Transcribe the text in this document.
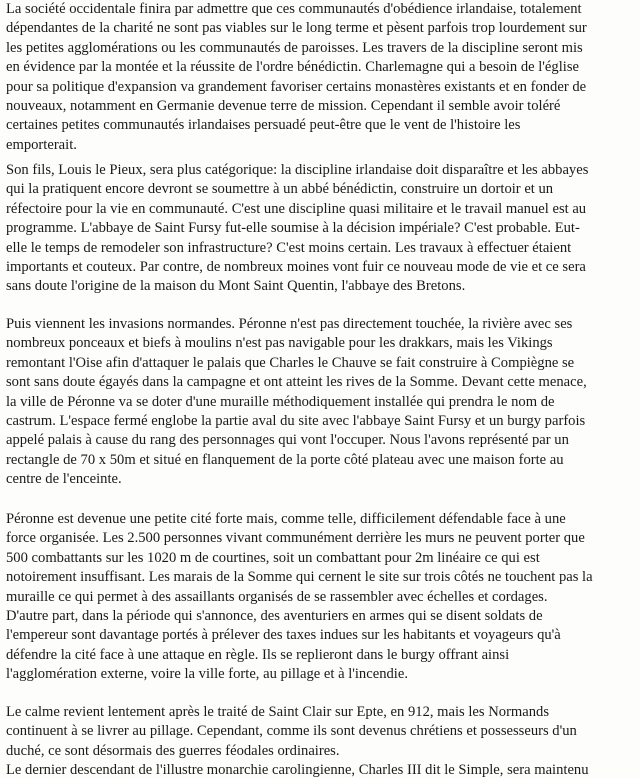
La société occidentale finira par admettre que ces communautés d'obédience irlandaise, totalement
dépendantes de la charité ne sont pas viables sur le long terme et pèsent parfois trop lourdement sur
les petites agglomérations ou les communautés de paroisses. Les travers de la discipline seront mis
en évidence par la montée et la réussite de l'ordre bénédictin. Charlemagne qui a besoin de l'église
pour sa politique d'expansion va grandement favoriser certains monastères existants et en fonder de
nouveaux, notamment en Germanie devenue terre de mission. Cependant il semble avoir toléré
certaines petites communautés irlandaises persuadé peut-être que le vent de l'histoire les
emporterait.
Son fils, Louis le Pieux, sera plus catégorique: la discipline irlandaise doit disparaître et les abbayes
qui la pratiquent encore devront se soumettre à un abbé bénédictin, construire un dortoir et un
réfectoire pour la vie en communauté. C'est une discipline quasi militaire et le travail manuel est au
programme. L'abbaye de Saint Fursy fut-elle soumise à la décision impériale? C'est probable. Eut-
elle le temps de remodeler son infrastructure? C'est moins certain. Les travaux à effectuer étaient
importants et couteux. Par contre, de nombreux moines vont fuir ce nouveau mode de vie et ce sera
sans doute l'origine de la maison du Mont Saint Quentin, l'abbaye des Bretons.
Puis viennent les invasions normandes. Péronne n'est pas directement touchée, la rivière avec ses
nombreux ponceaux et biefs à moulins n'est pas navigable pour les drakkars, mais les Vikings
remontant l'Oise afin d'attaquer le palais que Charles le Chauve se fait construire à Compiègne se
sont sans doute égayés dans la campagne et ont atteint les rives de la Somme. Devant cette menace,
la ville de Péronne va se doter d'une muraille méthodiquement installée qui prendra le nom de
castrum. L'espace fermé englobe la partie aval du site avec l'abbaye Saint Fursy et un burgy parfois
appelé palais à cause du rang des personnages qui vont l'occuper. Nous l'avons représenté par un
rectangle de 70 x 50m et situé en flanquement de la porte côté plateau avec une maison forte au
centre de l'enceinte.
Péronne est devenue une petite cité forte mais, comme telle, difficilement défendable face à une
force organisée. Les 2.500 personnes vivant communément derrière les murs ne peuvent porter que
500 combattants sur les 1020 m de courtines, soit un combattant pour 2m linéaire ce qui est
notoirement insuffisant. Les marais de la Somme qui cernent le site sur trois côtés ne touchent pas la
muraille ce qui permet à des assaillants organisés de se rassembler avec échelles et cordages.
D'autre part, dans la période qui s'annonce, des aventuriers en armes qui se disent soldats de
l'empereur sont davantage portés à prélever des taxes indues sur les habitants et voyageurs qu'à
défendre la cité face à une attaque en règle. Ils se replieront dans le burgy offrant ainsi
l'agglomération externe, voire la ville forte, au pillage et à l'incendie.
Le calme revient lentement après le traité de Saint Clair sur Epte, en 912, mais les Normands
continuent à se livrer au pillage. Cependant, comme ils sont devenus chrétiens et possesseurs d'un
duché, ce sont désormais des guerres féodales ordinaires.
Le dernier descendant de l'illustre monarchie carolingienne, Charles III dit le Simple, sera maintenu
